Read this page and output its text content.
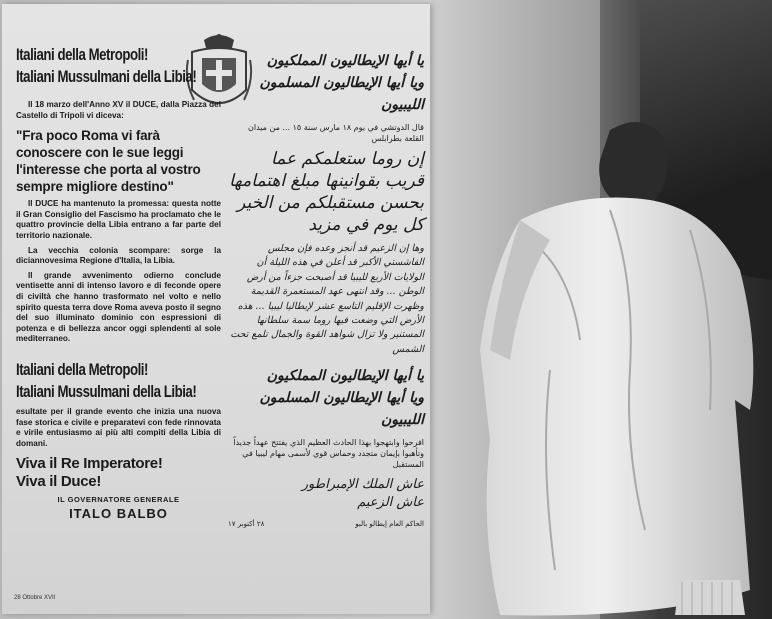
Italiani della Metropoli!
Italiani Mussulmani della Libia!
Il 18 marzo dell'Anno XV il DUCE, dalla Piazza del Castello di Tripoli vi diceva:
"Fra poco Roma vi farà conoscere con le sue leggi l'interesse che porta al vostro sempre migliore destino"
Il DUCE ha mantenuto la promessa: questa notte il Gran Consiglio del Fascismo ha proclamato che le quattro provincie della Libia entrano a far parte del territorio nazionale.
La vecchia colonia scompare: sorge la diciannovesima Regione d'Italia, la Libia.
Il grande avvenimento odierno conclude ventisette anni di intenso lavoro e di feconde opere di civiltà che hanno trasformato nel volto e nello spirito questa terra dove Roma aveva posto il segno del suo illuminato dominio con espressioni di potenza e di bellezza ancor oggi splendenti al sole mediterraneo.
Italiani della Metropoli!
Italiani Mussulmani della Libia!
esultate per il grande evento che inizia una nuova fase storica e civile e preparatevi con fede rinnovata e virile entusiasmo ai più alti compiti della Libia di domani.
Viva il Re Imperatore!
Viva il Duce!
IL GOVERNATORE GENERALE
ITALO BALBO
28 Ottobre XVII
يا أيها الإيطاليون المملكيون
ويا أيها الإيطاليون المسلمون الليبيون
قال الدوتشي في يوم ١٨ مارس سنة ١٥ ... من ميدان القلعة بطرابلس
إن روما ستعلمكم عما قريب بقوانينها مبلغ اهتمامها بحسن مستقبلكم من الخير كل يوم في مزيد
وها إن الزعيم قد أنجز وعده فإن مجلس الفاشستي الأكبر قد أعلن في هذه الليلة أن الولايات الأربع لليبيا قد أصبحت جزءاً من أرض الوطن ... وقد انتهى عهد المستعمرة القديمة وظهرت الإقليم التاسع عشر لإيطاليا ليبيا ... هذه الأرض التي وضعت فيها روما سمة سلطانها المستنير ولا تزال شواهد القوة والجمال تلمع تحت الشمس
يا أيها الإيطاليون المملكيون
ويا أيها الإيطاليون المسلمون الليبيون
افرحوا وابتهجوا بهذا الحادث العظيم الذي يفتتح عهداً جديداً وتأهبوا بإيمان متجدد وحماس قوي لأسمى مهام ليبيا في المستقبل
عاش الملك الإمبراطور
عاش الزعيم
الحاكم العام إيطالو بالبو
٢٨ أكتوبر ١٧
